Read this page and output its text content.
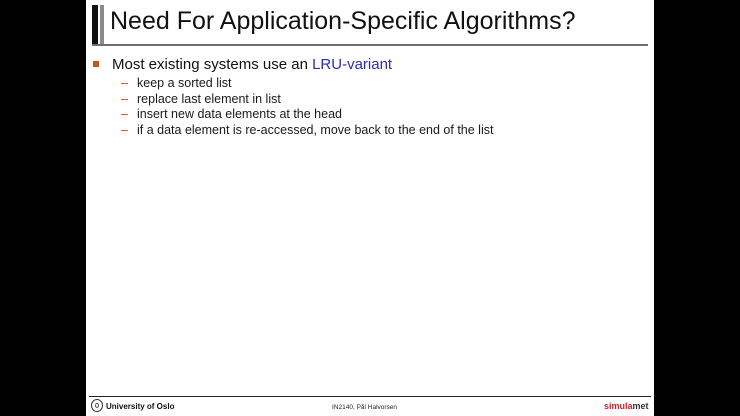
Need For Application-Specific Algorithms?
Most existing systems use an LRU-variant
– keep a sorted list
– replace last element in list
– insert new data elements at the head
– if a data element is re-accessed, move back to the end of the list
University of Oslo	IN2140, Pål Halvorsen	simulamet
